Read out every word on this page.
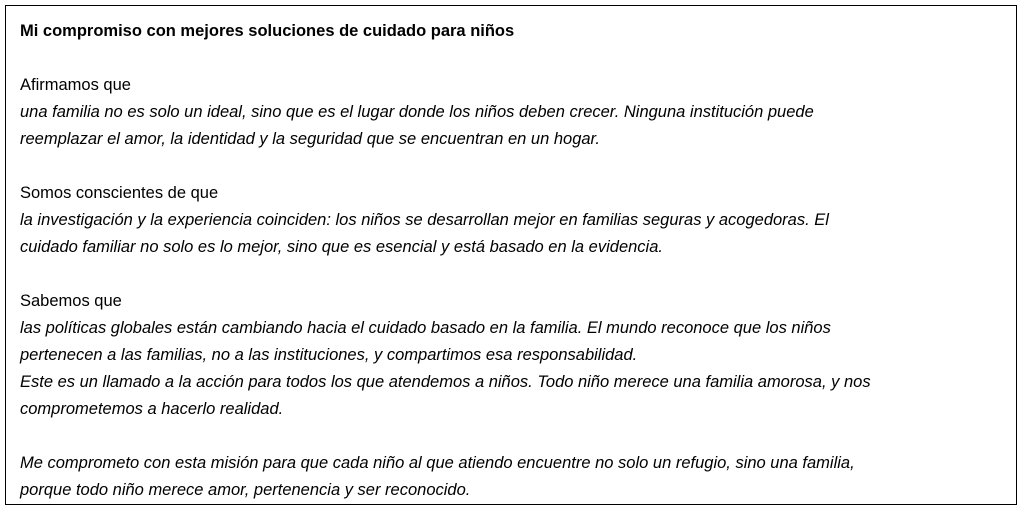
Mi compromiso con mejores soluciones de cuidado para niños
Afirmamos que
una familia no es solo un ideal, sino que es el lugar donde los niños deben crecer. Ninguna institución puede
reemplazar el amor, la identidad y la seguridad que se encuentran en un hogar.
Somos conscientes de que
la investigación y la experiencia coinciden: los niños se desarrollan mejor en familias seguras y acogedoras. El
cuidado familiar no solo es lo mejor, sino que es esencial y está basado en la evidencia.
Sabemos que
las políticas globales están cambiando hacia el cuidado basado en la familia. El mundo reconoce que los niños
pertenecen a las familias, no a las instituciones, y compartimos esa responsabilidad.
Este es un llamado a la acción para todos los que atendemos a niños. Todo niño merece una familia amorosa, y nos
comprometemos a hacerlo realidad.
Me comprometo con esta misión para que cada niño al que atiendo encuentre no solo un refugio, sino una familia,
porque todo niño merece amor, pertenencia y ser reconocido.
